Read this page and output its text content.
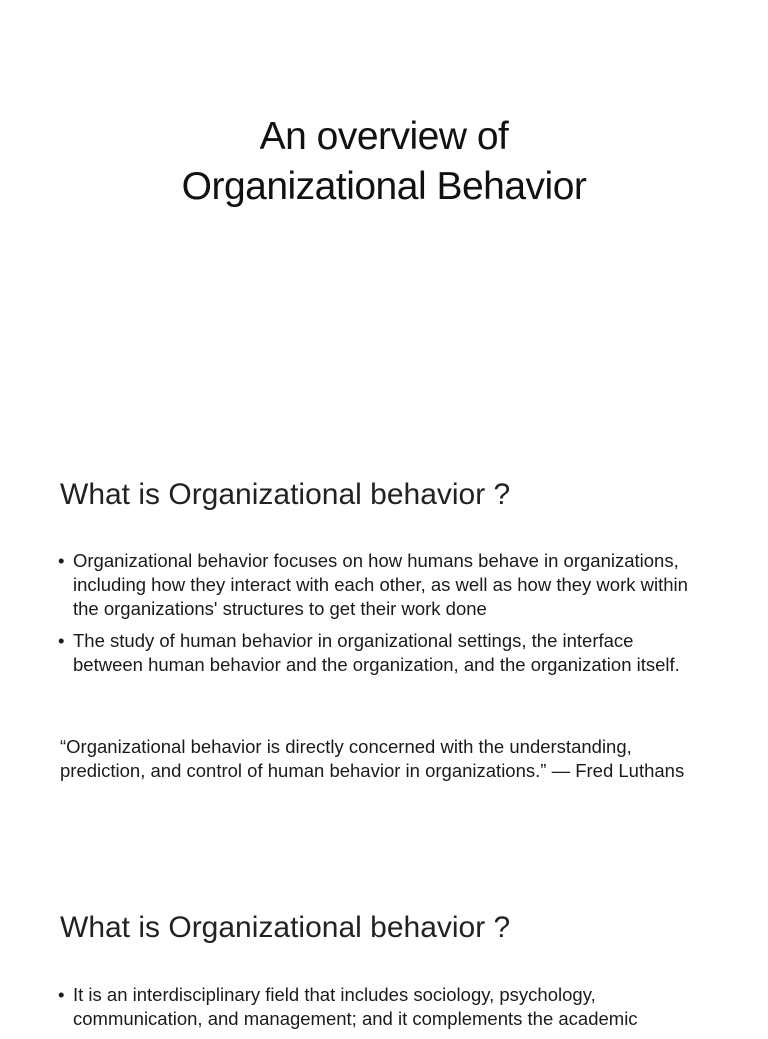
An overview of
Organizational Behavior
What is Organizational behavior ?
• Organizational behavior focuses on how humans behave in organizations, including how they interact with each other, as well as how they work within the organizations' structures to get their work done
• The study of human behavior in organizational settings, the interface between human behavior and the organization, and the organization itself.

“Organizational behavior is directly concerned with the understanding, prediction, and control of human behavior in organizations.” — Fred Luthans

What is Organizational behavior ?
• It is an interdisciplinary field that includes sociology, psychology, communication, and management; and it complements the academic
